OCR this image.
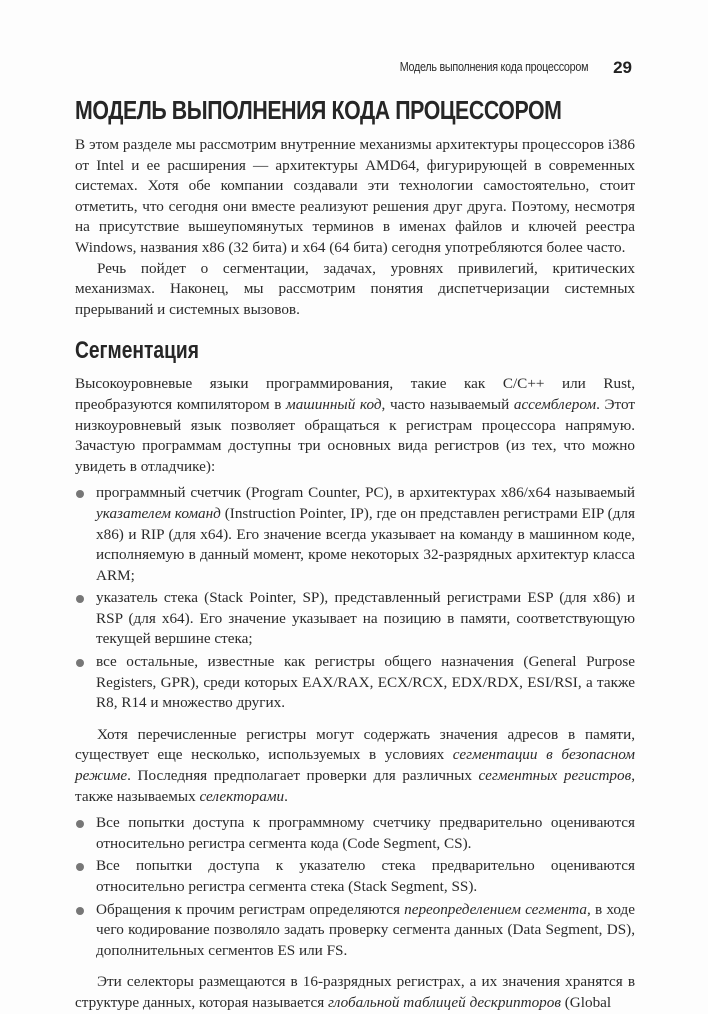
Модель выполнения кода процессором 29
МОДЕЛЬ ВЫПОЛНЕНИЯ КОДА ПРОЦЕССОРОМ

В этом разделе мы рассмотрим внутренние механизмы архитектуры процессоров i386 от Intel и ее расширения — архитектуры AMD64, фигурирующей в современных системах. Хотя обе компании создавали эти технологии самостоятельно, стоит отметить, что сегодня они вместе реализуют решения друг друга. Поэтому, несмотря на присутствие вышеупомянутых терминов в именах файлов и ключей реестра Windows, названия x86 (32 бита) и x64 (64 бита) сегодня употребляются более часто.

Речь пойдет о сегментации, задачах, уровнях привилегий, критических механизмах. Наконец, мы рассмотрим понятия диспетчеризации системных прерываний и системных вызовов.

Сегментация

Высокоуровневые языки программирования, такие как C/C++ или Rust, преобразуются компилятором в машинный код, часто называемый ассемблером. Этот низкоуровневый язык позволяет обращаться к регистрам процессора напрямую. Зачастую программам доступны три основных вида регистров (из тех, что можно увидеть в отладчике):

программный счетчик (Program Counter, PC), в архитектурах x86/x64 называемый указателем команд (Instruction Pointer, IP), где он представлен регистрами EIP (для x86) и RIP (для x64). Его значение всегда указывает на команду в машинном коде, исполняемую в данный момент, кроме некоторых 32-разрядных архитектур класса ARM;
указатель стека (Stack Pointer, SP), представленный регистрами ESP (для x86) и RSP (для x64). Его значение указывает на позицию в памяти, соответствующую текущей вершине стека;
все остальные, известные как регистры общего назначения (General Purpose Registers, GPR), среди которых EAX/RAX, ECX/RCX, EDX/RDX, ESI/RSI, а также R8, R14 и множество других.

Хотя перечисленные регистры могут содержать значения адресов в памяти, существует еще несколько, используемых в условиях сегментации в безопасном режиме. Последняя предполагает проверки для различных сегментных регистров, также называемых селекторами.

Все попытки доступа к программному счетчику предварительно оцениваются относительно регистра сегмента кода (Code Segment, CS).
Все попытки доступа к указателю стека предварительно оцениваются относительно регистра сегмента стека (Stack Segment, SS).
Обращения к прочим регистрам определяются переопределением сегмента, в ходе чего кодирование позволяло задать проверку сегмента данных (Data Segment, DS), дополнительных сегментов ES или FS.

Эти селекторы размещаются в 16-разрядных регистрах, а их значения хранятся в структуре данных, которая называется глобальной таблицей дескрипторов (Global
